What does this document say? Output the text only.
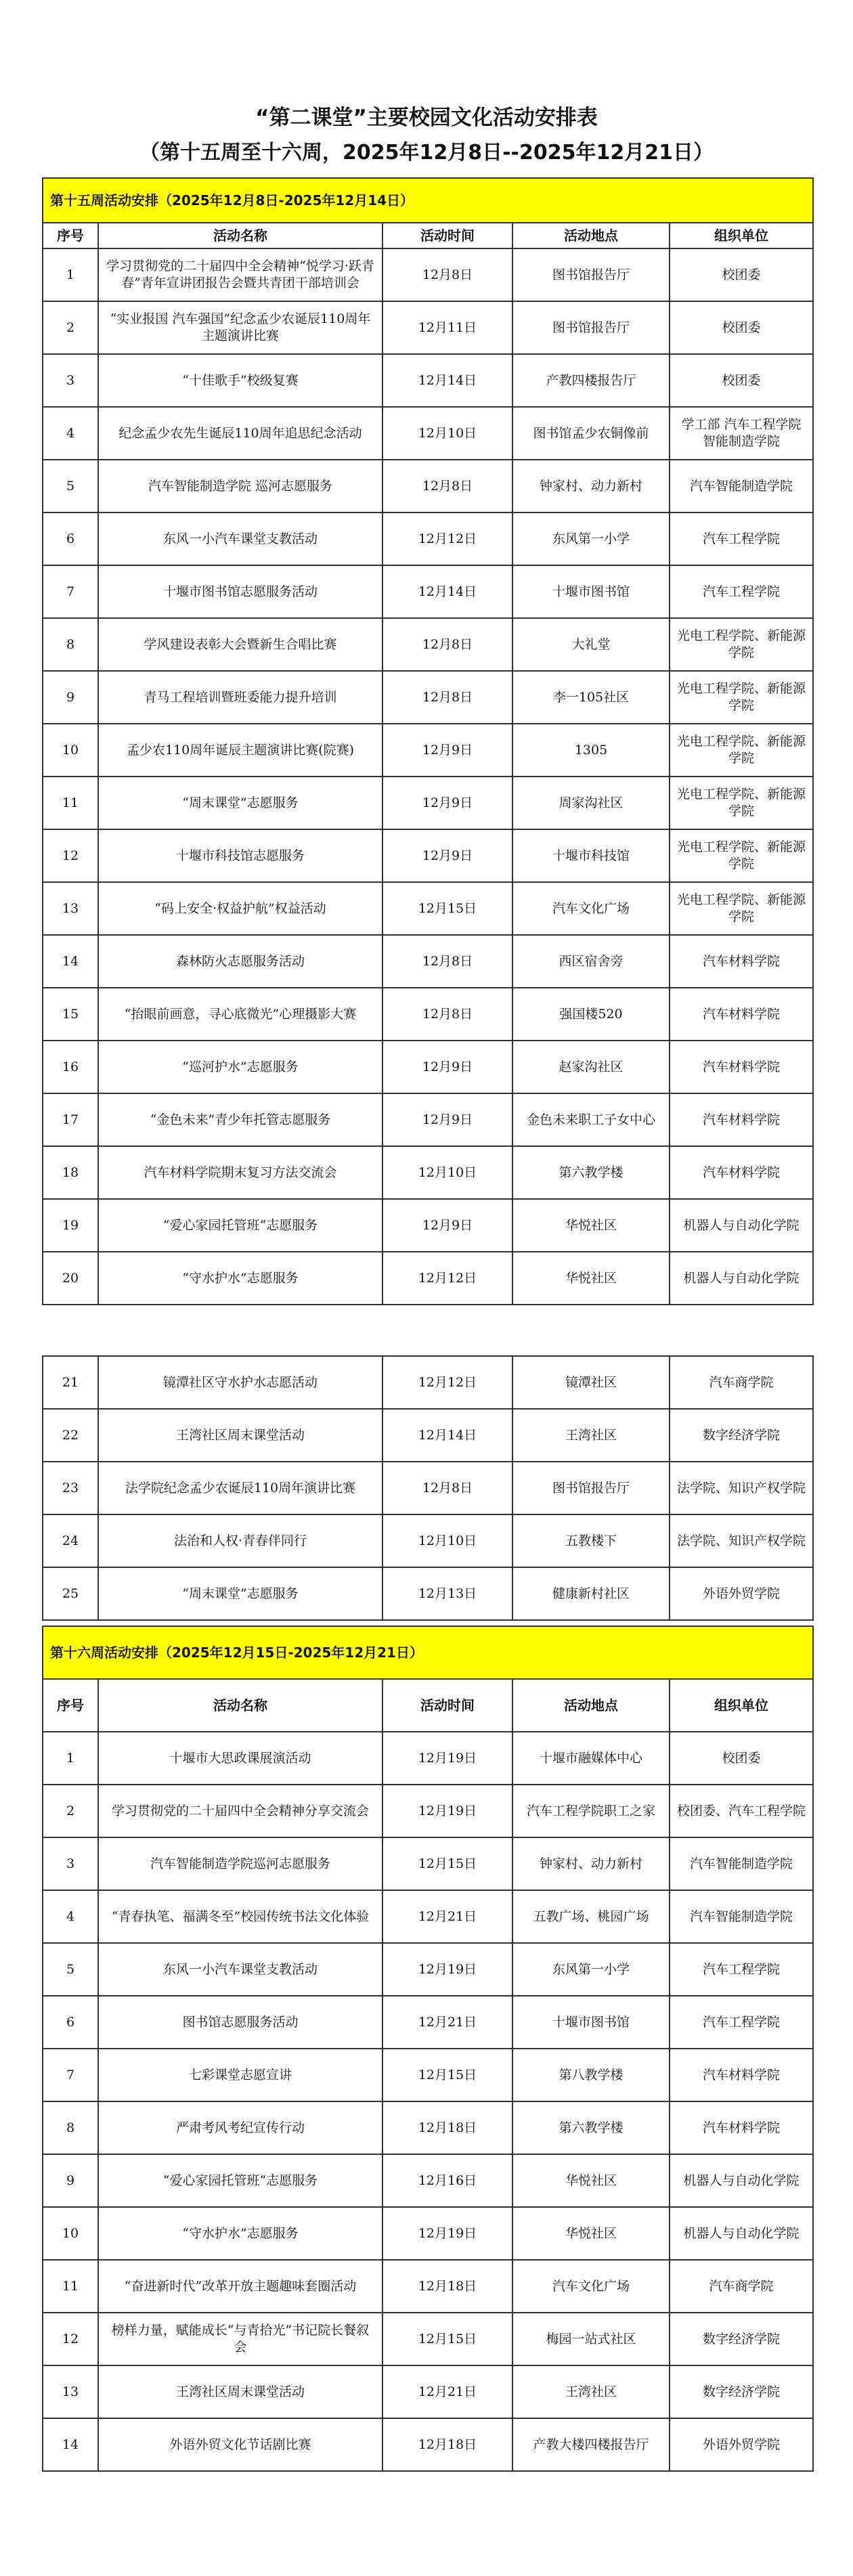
“第二课堂”主要校园文化活动安排表
（第十五周至十六周，2025年12月8日--2025年12月21日）
第十五周活动安排（2025年12月8日-2025年12月14日）				
序号	活动名称	活动时间	活动地点	组织单位
1	学习贯彻党的二十届四中全会精神“悦学习·跃青春”青年宣讲团报告会暨共青团干部培训会	12月8日	图书馆报告厅	校团委
2	“实业报国 汽车强国”纪念孟少农诞辰110周年主题演讲比赛	12月11日	图书馆报告厅	校团委
3	“十佳歌手”校级复赛	12月14日	产教四楼报告厅	校团委
4	纪念孟少农先生诞辰110周年追思纪念活动	12月10日	图书馆孟少农铜像前	学工部 汽车工程学院 智能制造学院
5	汽车智能制造学院 巡河志愿服务	12月8日	钟家村、动力新村	汽车智能制造学院
6	东风一小汽车课堂支教活动	12月12日	东风第一小学	汽车工程学院
7	十堰市图书馆志愿服务活动	12月14日	十堰市图书馆	汽车工程学院
8	学风建设表彰大会暨新生合唱比赛	12月8日	大礼堂	光电工程学院、新能源学院
9	青马工程培训暨班委能力提升培训	12月8日	李一105社区	光电工程学院、新能源学院
10	孟少农110周年诞辰主题演讲比赛(院赛)	12月9日	1305	光电工程学院、新能源学院
11	“周末课堂”志愿服务	12月9日	周家沟社区	光电工程学院、新能源学院
12	十堰市科技馆志愿服务	12月9日	十堰市科技馆	光电工程学院、新能源学院
13	“码上安全·权益护航”权益活动	12月15日	汽车文化广场	光电工程学院、新能源学院
14	森林防火志愿服务活动	12月8日	西区宿舍旁	汽车材料学院
15	“抬眼前画意，寻心底微光”心理摄影大赛	12月8日	强国楼520	汽车材料学院
16	“巡河护水”志愿服务	12月9日	赵家沟社区	汽车材料学院
17	“金色未来”青少年托管志愿服务	12月9日	金色未来职工子女中心	汽车材料学院
18	汽车材料学院期末复习方法交流会	12月10日	第六教学楼	汽车材料学院
19	“爱心家园托管班“志愿服务	12月9日	华悦社区	机器人与自动化学院
20	“守水护水”志愿服务	12月12日	华悦社区	机器人与自动化学院
21	镜潭社区守水护水志愿活动	12月12日	镜潭社区	汽车商学院
22	王湾社区周末课堂活动	12月14日	王湾社区	数字经济学院
23	法学院纪念孟少农诞辰110周年演讲比赛	12月8日	图书馆报告厅	法学院、知识产权学院
24	法治和人权·青春伴同行	12月10日	五教楼下	法学院、知识产权学院
25	“周末课堂”志愿服务	12月13日	健康新村社区	外语外贸学院
第十六周活动安排（2025年12月15日-2025年12月21日）				
序号	活动名称	活动时间	活动地点	组织单位
1	十堰市大思政课展演活动	12月19日	十堰市融媒体中心	校团委
2	学习贯彻党的二十届四中全会精神分享交流会	12月19日	汽车工程学院职工之家	校团委、汽车工程学院
3	汽车智能制造学院巡河志愿服务	12月15日	钟家村、动力新村	汽车智能制造学院
4	“青春执笔、福满冬至”校园传统书法文化体验	12月21日	五教广场、桃园广场	汽车智能制造学院
5	东风一小汽车课堂支教活动	12月19日	东风第一小学	汽车工程学院
6	图书馆志愿服务活动	12月21日	十堰市图书馆	汽车工程学院
7	七彩课堂志愿宣讲	12月15日	第八教学楼	汽车材料学院
8	严肃考风考纪宣传行动	12月18日	第六教学楼	汽车材料学院
9	“爱心家园托管班“志愿服务	12月16日	华悦社区	机器人与自动化学院
10	“守水护水”志愿服务	12月19日	华悦社区	机器人与自动化学院
11	“奋进新时代”改革开放主题趣味套圈活动	12月18日	汽车文化广场	汽车商学院
12	榜样力量，赋能成长“与青拾光”书记院长餐叙会	12月15日	梅园一站式社区	数字经济学院
13	王湾社区周末课堂活动	12月21日	王湾社区	数字经济学院
14	外语外贸文化节话剧比赛	12月18日	产教大楼四楼报告厅	外语外贸学院
